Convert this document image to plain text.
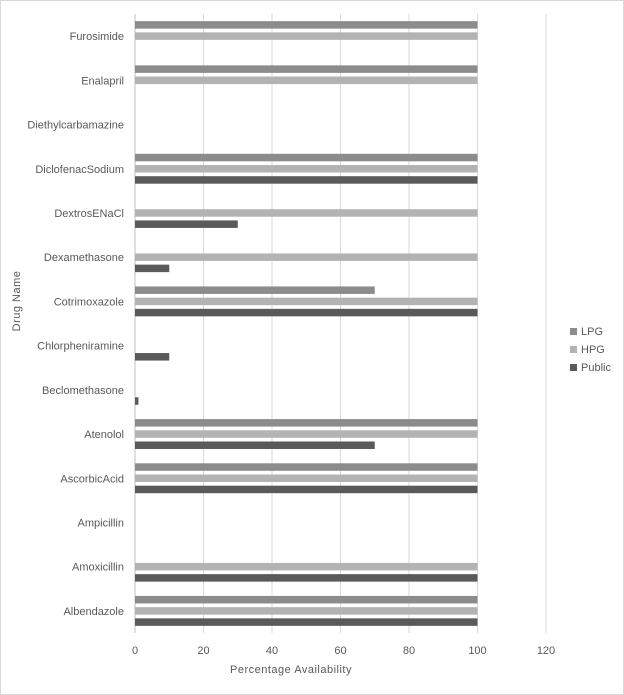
0	20	40	60	80	100	120
Furosimide
Enalapril
Diethylcarbamazine
DiclofenacSodium
DextrosENaCl
Dexamethasone
Cotrimoxazole
Chlorpheniramine
Beclomethasone
Atenolol
AscorbicAcid
Ampicillin
Amoxicillin
Albendazole
Percentage Availability
Drug Name
LPG
HPG
Public
